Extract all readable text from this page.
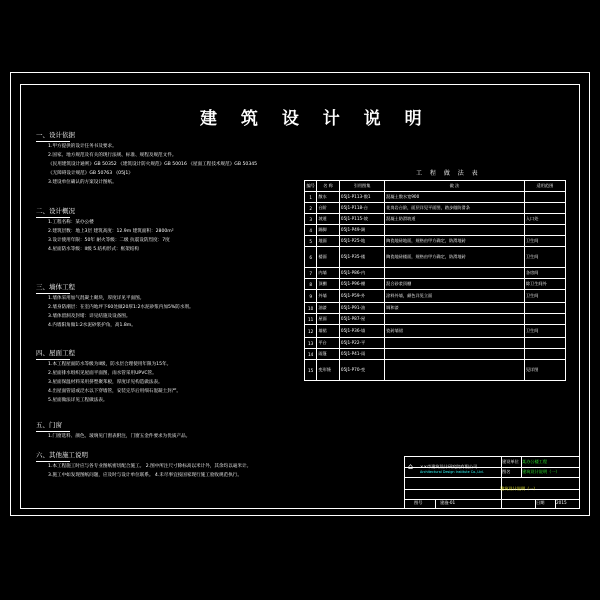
建 筑 设 计 说 明
一、设计依据
1.甲方提供的设计任务书及要求。
2.国家、地方规范及有关的现行法规、标准、规程及规范文件。
《民用建筑设计通则》GB 50352 《建筑设计防火规范》GB 50016 《屋面工程技术规范》GB 50345
《无障碍设计规范》GB 50763 《05J1》
3.建设单位确认的方案设计图纸。
二、设计概况
1.工程名称：某办公楼
2.建筑层数：地上3层 建筑高度：12.9m 建筑面积：2800m²
3.设计使用年限：50年 耐火等级：二级 抗震设防烈度：7度
4.屋面防水等级：II级 5.结构形式：框架结构
三、墙体工程
1.墙体采用加气混凝土砌块，厚度详见平面图。
2.墙身防潮层：在室内地坪下60处做20厚1:2水泥砂浆内加5%防水剂。
3.墙体留洞及封堵：详见结施及设备图。
4.内墙阳角做1:2水泥砂浆护角，高1.8m。
四、屋面工程
1.本工程屋面防水等级为II级，防水层合理使用年限为15年。
2.屋面排水组织见屋面平面图，雨水管采用UPVC管。
3.屋面保温材料采用挤塑聚苯板，厚度详见构造做法表。
4.出屋面管道或泛水以下穿墙管，安装完毕后用细石混凝土封严。
5.屋面做法详见工程做法表。
五、门窗
1.门窗选料、颜色、玻璃见门窗表附注，门窗五金件要求为优质产品。
六、其他施工说明
1.本工程施工时应与各专业图纸密切配合施工。 2.图中所注尺寸除标高以米计外，其余均以毫米计。
3.施工中如发现图纸问题，应及时与设计单位联系。 4.未尽事宜按国家现行施工验收规范执行。
工 程 做 法 表
编号	名 称	引用图集	做 法	适用范围
1	散水	05J1-P113-散1	混凝土散水宽900	
2	台阶	05J1-P118-台	花岗岩台阶，面层详见平面图，踏步做防滑条	
3	坡道	05J1-P115-坡	混凝土防滑坡道	入口处
4	踢脚	05J1-P49-踢		
5	地面	05J1-P25-地	陶瓷地砖地面，规格由甲方确定，防滑地砖	卫生间
6	楼面	05J1-P35-楼	陶瓷地砖楼面，规格由甲方确定，防滑地砖	卫生间
7	内墙	05J1-P86-内		各房间
8	顶棚	05J1-P96-棚	混合砂浆顶棚	除卫生间外
9	外墙	05J1-P59-外	涂料外墙，颜色详见立面	卫生间
10	油漆	05J1-P91-油	调和漆	
11	屋面	05J1-P87-屋		
12	墙裙	05J1-P36-墙	瓷砖墙裙	卫生间
13	平台	05J1-P22-平		
14	雨篷	05J1-P41-雨		
15	变形缝	05J1-P70-变		见详图
⌂	××市建筑设计研究院有限公司
Architectural Design Institute Co.,Ltd.
建设单位 某办公楼工程
图名	建筑设计说明（一）
建筑设计说明（一）
图号	建施-01	日期	2015
